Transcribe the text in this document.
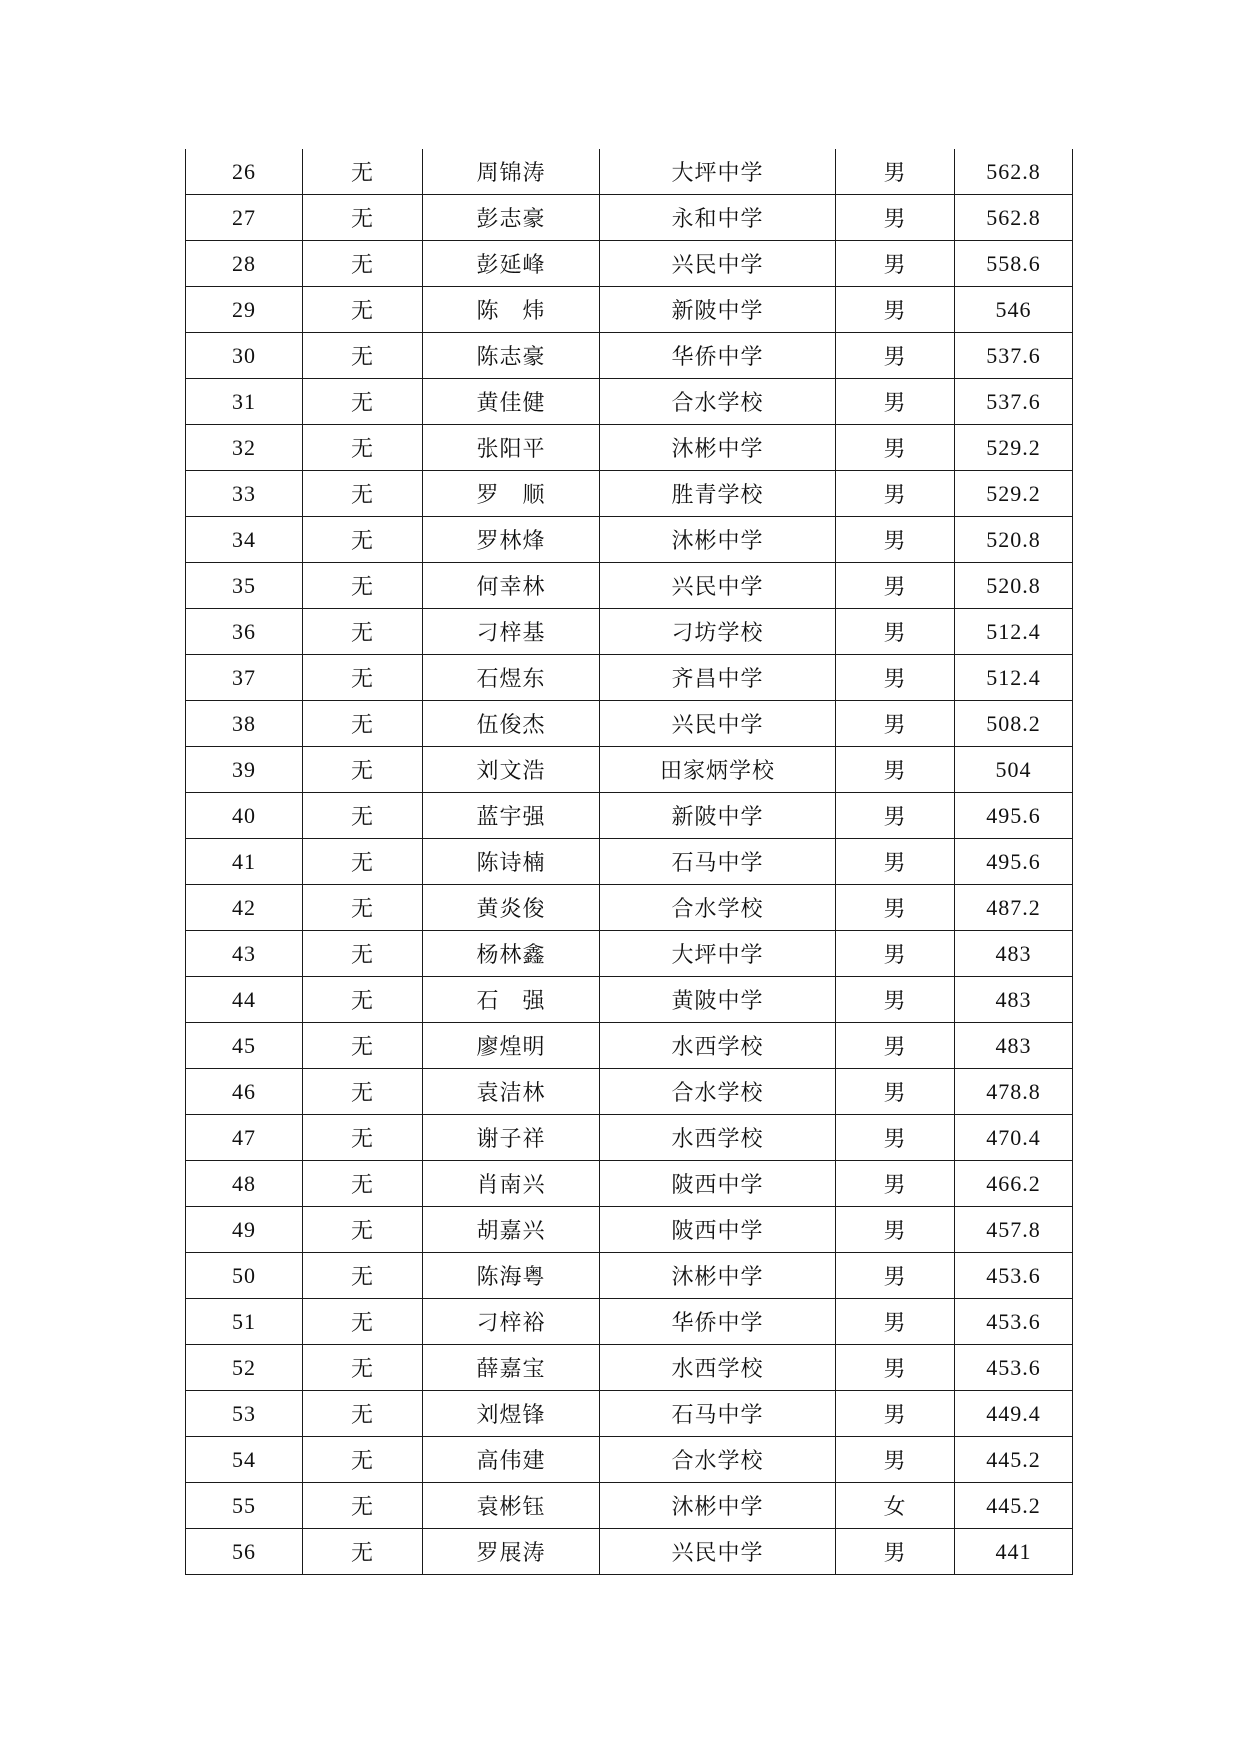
26	无	周锦涛	大坪中学	男	562.8
27	无	彭志豪	永和中学	男	562.8
28	无	彭延峰	兴民中学	男	558.6
29	无	陈　炜	新陂中学	男	546
30	无	陈志豪	华侨中学	男	537.6
31	无	黄佳健	合水学校	男	537.6
32	无	张阳平	沐彬中学	男	529.2
33	无	罗　顺	胜青学校	男	529.2
34	无	罗林烽	沐彬中学	男	520.8
35	无	何幸林	兴民中学	男	520.8
36	无	刁梓基	刁坊学校	男	512.4
37	无	石煜东	齐昌中学	男	512.4
38	无	伍俊杰	兴民中学	男	508.2
39	无	刘文浩	田家炳学校	男	504
40	无	蓝宇强	新陂中学	男	495.6
41	无	陈诗楠	石马中学	男	495.6
42	无	黄炎俊	合水学校	男	487.2
43	无	杨林鑫	大坪中学	男	483
44	无	石　强	黄陂中学	男	483
45	无	廖煌明	水西学校	男	483
46	无	袁洁林	合水学校	男	478.8
47	无	谢子祥	水西学校	男	470.4
48	无	肖南兴	陂西中学	男	466.2
49	无	胡嘉兴	陂西中学	男	457.8
50	无	陈海粤	沐彬中学	男	453.6
51	无	刁梓裕	华侨中学	男	453.6
52	无	薛嘉宝	水西学校	男	453.6
53	无	刘煜锋	石马中学	男	449.4
54	无	高伟建	合水学校	男	445.2
55	无	袁彬钰	沐彬中学	女	445.2
56	无	罗展涛	兴民中学	男	441
